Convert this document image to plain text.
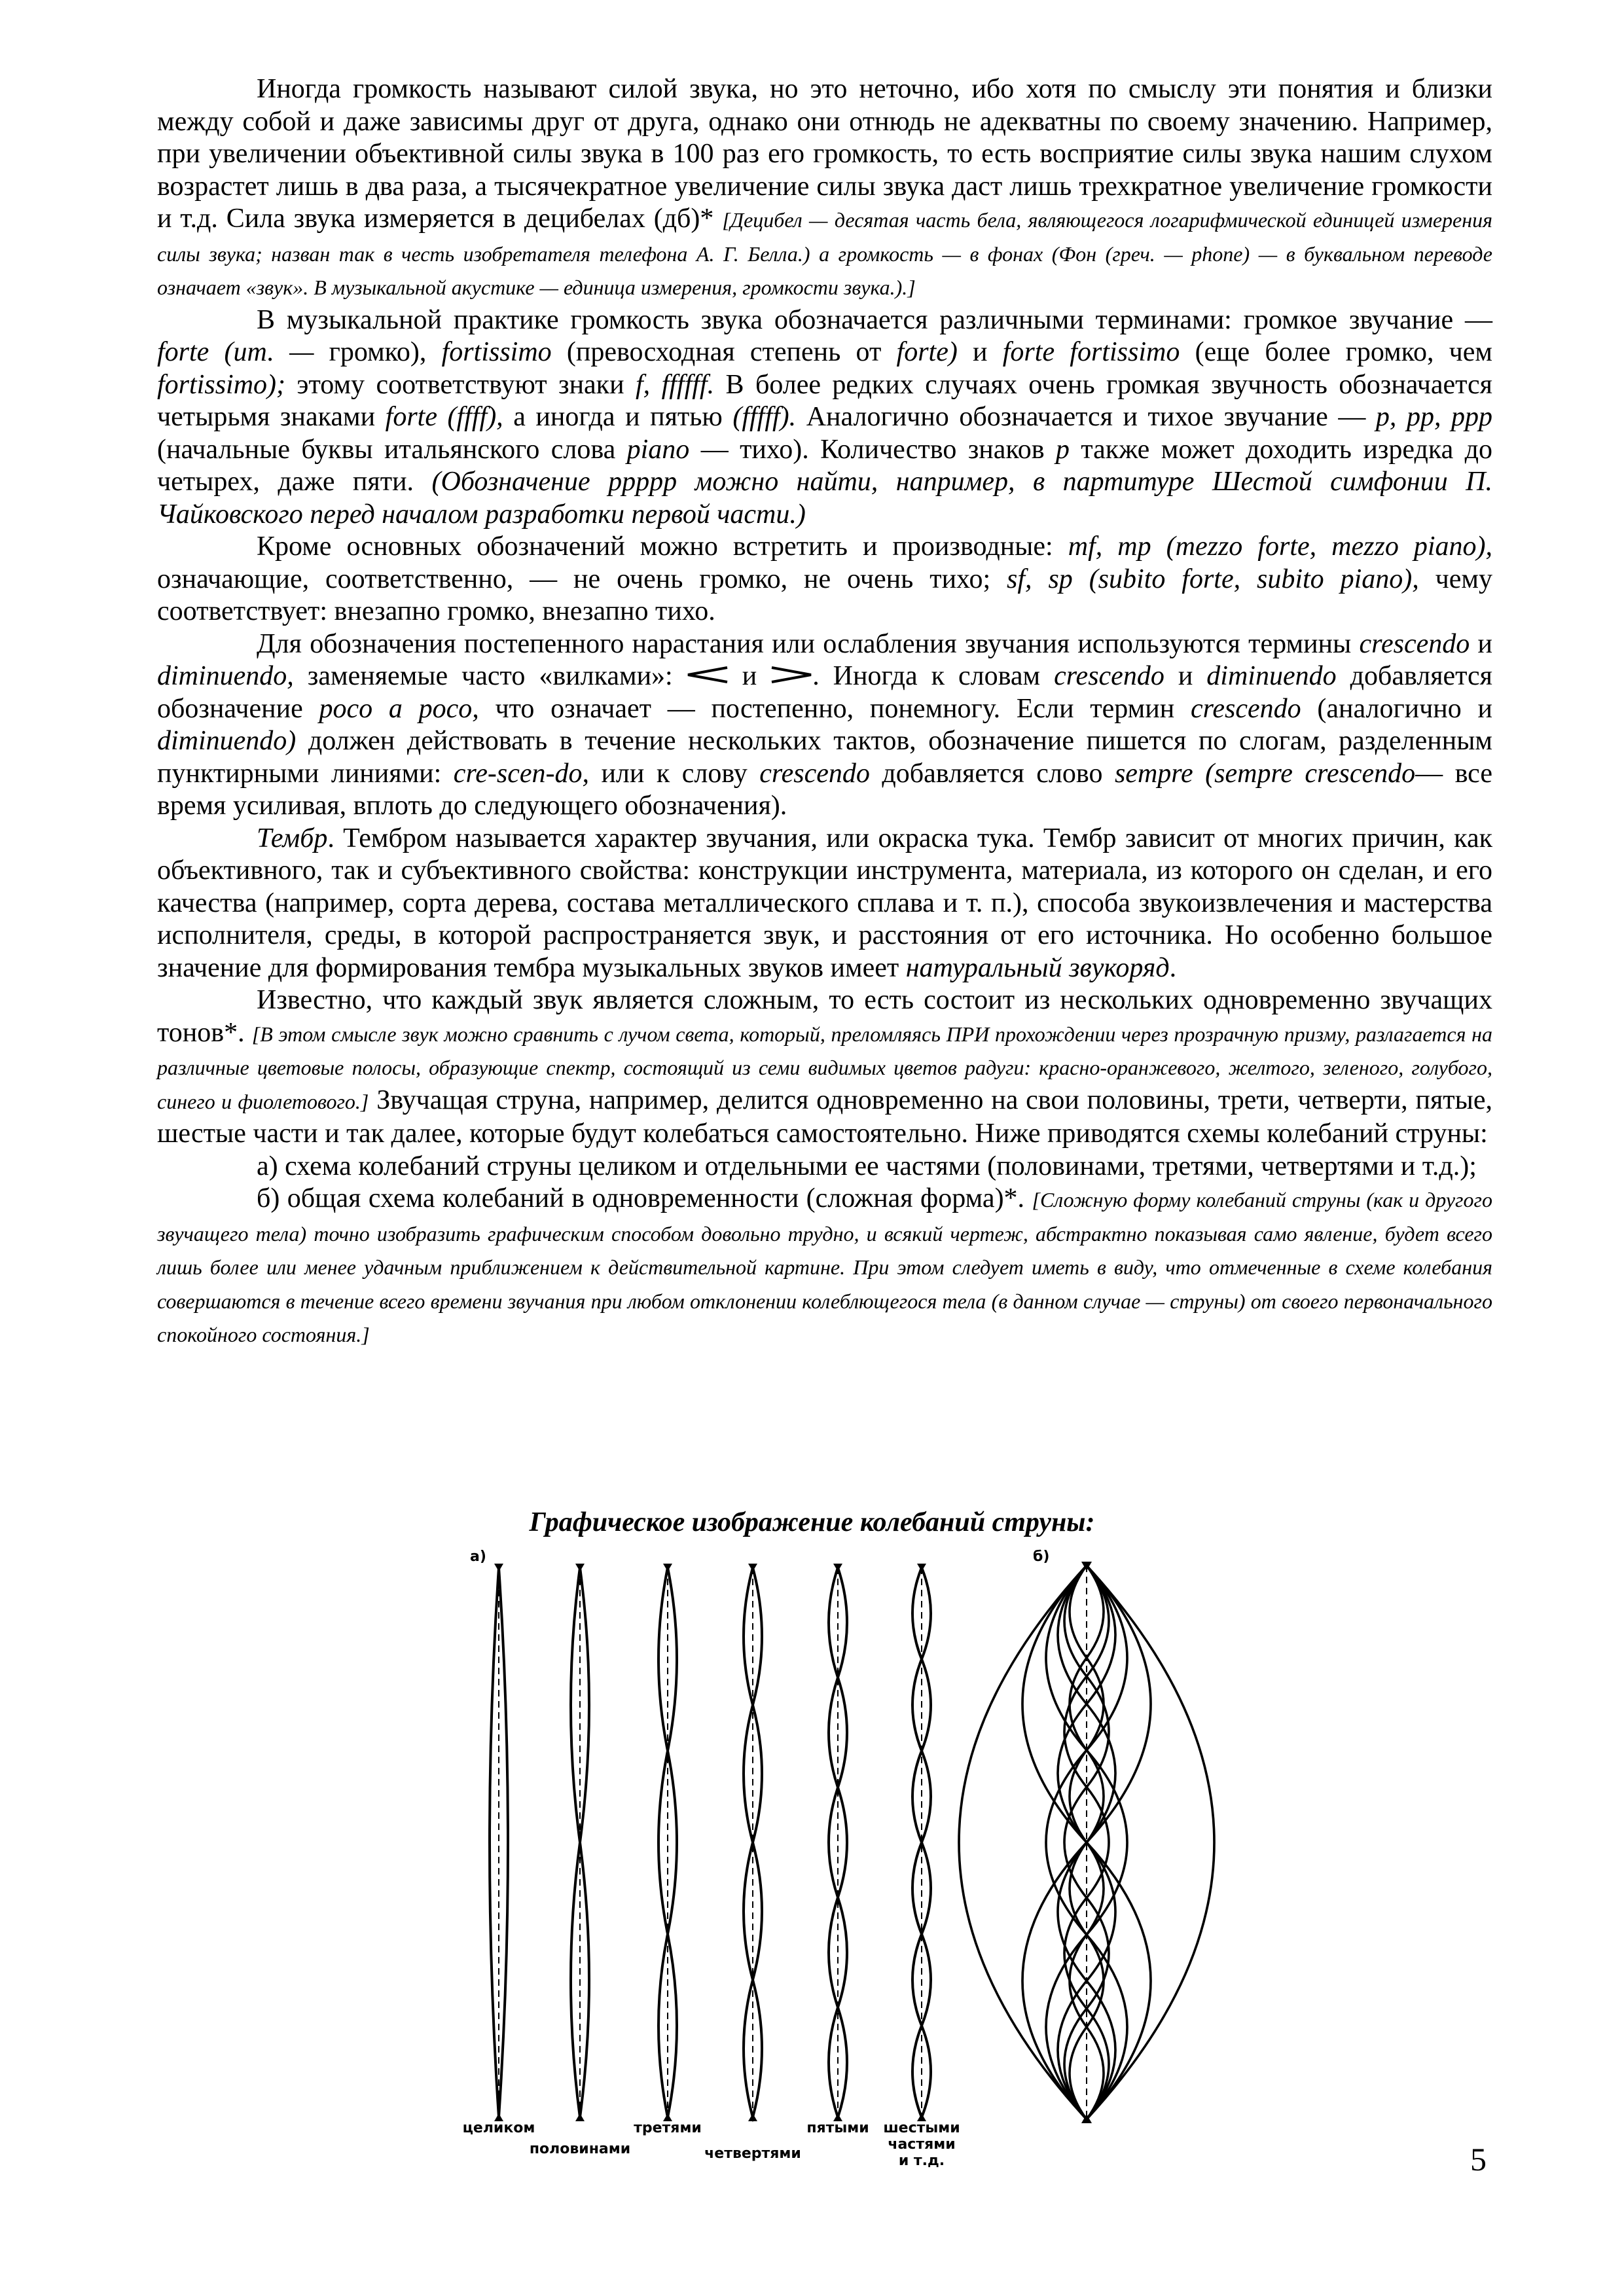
Иногда громкость называют силой звука, но это неточно, ибо хотя по смыслу эти понятия и близки между собой и даже зависимы друг от друга, однако они отнюдь не адекватны по своему значению. Например, при увеличении объективной силы звука в 100 раз его громкость, то есть восприятие силы звука нашим слухом возрастет лишь в два раза, а тысячекратное увеличение силы звука даст лишь трехкратное увеличение громкости и т.д. Сила звука измеряется в децибелах (дб)* [Децибел — десятая часть бела, являющегося логарифмической единицей измерения силы звука; назван так в честь изобретателя телефона А. Г. Белла.) а громкость — в фонах (Фон (греч. — phone) — в буквальном переводе означает «звук». В музыкальной акустике — единица измерения, громкости звука.).]

В музыкальной практике громкость звука обозначается различными терминами: громкое звучание — forte (ит. — громко), fortissimo (превосходная степень от forte) и forte fortissimo (еще более громко, чем fortissimo); этому соответствуют знаки f, ffffff. В более редких случаях очень громкая звучность обозначается четырьмя знаками forte (ffff), а иногда и пятью (fffff). Аналогично обозначается и тихое звучание — p, pp, ppp (начальные буквы итальянского слова piano — тихо). Количество знаков p также может доходить изредка до четырех, даже пяти. (Обозначение ppppp можно найти, например, в партитуре Шестой симфонии П. Чайковского перед началом разработки первой части.)

Кроме основных обозначений можно встретить и производные: mf, mp (mezzo forte, mezzo piano), означающие, соответственно, — не очень громко, не очень тихо; sf, sp (subito forte, subito piano), чему соответствует: внезапно громко, внезапно тихо.

Для обозначения постепенного нарастания или ослабления звучания используются термины crescendo и diminuendo, заменяемые часто «вилками»:  и . Иногда к словам crescendo и diminuendo добавляется обозначение poco a poco, что означает — постепенно, понемногу. Если термин crescendo (аналогично и diminuendo) должен действовать в течение нескольких тактов, обозначение пишется по слогам, разделенным пунктирными линиями: cre-scen-do, или к слову crescendo добавляется слово sempre (sempre crescendo— все время усиливая, вплоть до следующего обозначения).

Тембр. Тембром называется характер звучания, или окраска тука. Тембр зависит от многих причин, как объективного, так и субъективного свойства: конструкции инструмента, материала, из которого он сделан, и его качества (например, сорта дерева, состава металлического сплава и т. п.), способа звукоизвлечения и мастерства исполнителя, среды, в которой распространяется звук, и расстояния от его источника. Но особенно большое значение для формирования тембра музыкальных звуков имеет натуральный звукоряд.

Известно, что каждый звук является сложным, то есть состоит из нескольких одновременно звучащих тонов*. [В этом смысле звук можно сравнить с лучом света, который, преломляясь ПРИ прохождении через прозрачную призму, разлагается на различные цветовые полосы, образующие спектр, состоящий из семи видимых цветов радуги: красно-оранжевого, желтого, зеленого, голубого, синего и фиолетового.] Звучащая струна, например, делится одновременно на свои половины, трети, четверти, пятые, шестые части и так далее, которые будут колебаться самостоятельно. Ниже приводятся схемы колебаний струны:

а) схема колебаний струны целиком и отдельными ее частями (половинами, третями, четвертями и т.д.);

б) общая схема колебаний в одновременности (сложная форма)*. [Сложную форму колебаний струны (как и другого звучащего тела) точно изобразить графическим способом довольно трудно, и всякий чертеж, абстрактно показывая само явление, будет всего лишь более или менее удачным приближением к действительной картине. При этом следует иметь в виду, что отмеченные в схеме колебания совершаются в течение всего времени звучания при любом отклонении колеблющегося тела (в данном случае — струны) от своего первоначального спокойного состояния.]

Графическое изображение колебаний струны:
а)	б)
целиком
половинами
третями
четвертями
пятыми шестыми
частями
и т.д.	5
